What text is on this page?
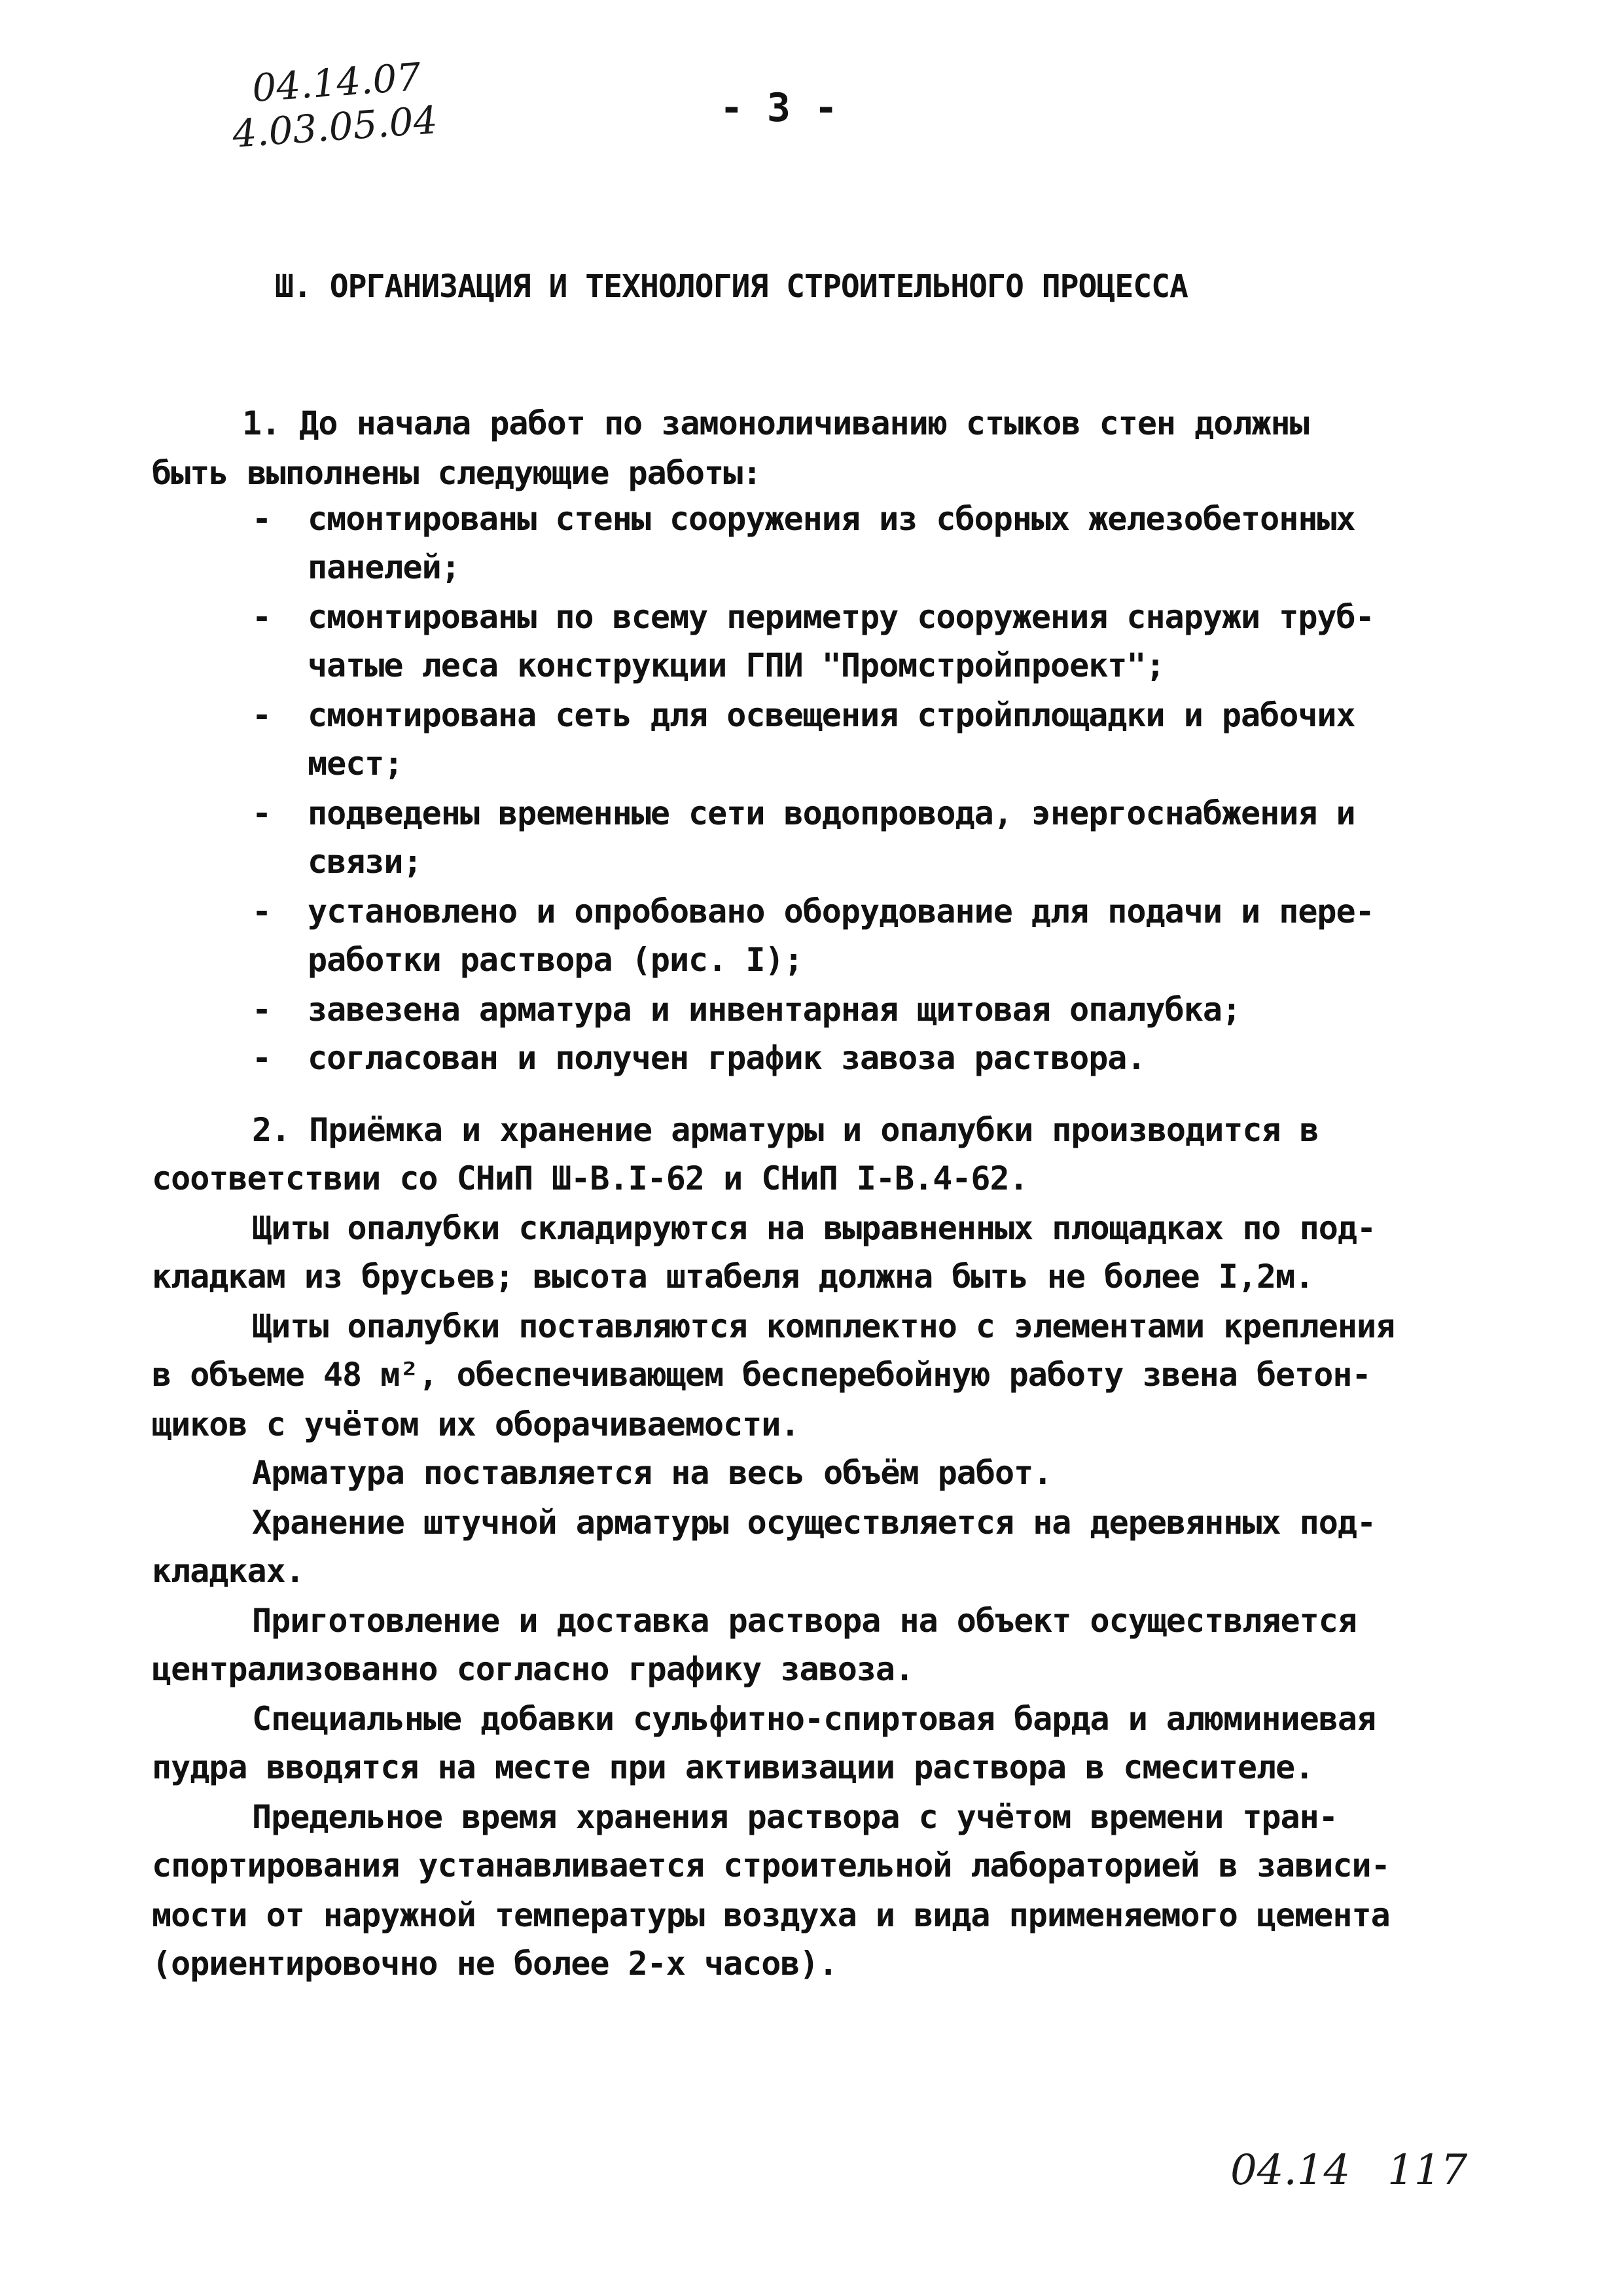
04.14.07
4.03.05.04	- 3 -
Ш. ОРГАНИЗАЦИЯ И ТЕХНОЛОГИЯ СТРОИТЕЛЬНОГО ПРОЦЕССА
1. До начала работ по замоноличиванию стыков стен должны
быть выполнены следующие работы:
- смонтированы стены сооружения из сборных железобетонных
панелей;
- смонтированы по всему периметру сооружения снаружи труб-
чатые леса конструкции ГПИ "Промстройпроект";
- смонтирована сеть для освещения стройплощадки и рабочих
мест;
- подведены временные сети водопровода, энергоснабжения и
связи;
- установлено и опробовано оборудование для подачи и пере-
работки раствора (рис. I);
- завезена арматура и инвентарная щитовая опалубка;
- согласован и получен график завоза раствора.
2. Приёмка и хранение арматуры и опалубки производится в
соответствии со СНиП Ш-В.I-62 и СНиП I-В.4-62.
Щиты опалубки складируются на выравненных площадках по под-
кладкам из брусьев; высота штабеля должна быть не более I,2м.
Щиты опалубки поставляются комплектно с элементами крепления
в объеме 48 м², обеспечивающем бесперебойную работу звена бетон-
щиков с учётом их оборачиваемости.
Арматура поставляется на весь объём работ.
Хранение штучной арматуры осуществляется на деревянных под-
кладках.
Приготовление и доставка раствора на объект осуществляется
централизованно согласно графику завоза.
Специальные добавки сульфитно-спиртовая барда и алюминиевая
пудра вводятся на месте при активизации раствора в смесителе.
Предельное время хранения раствора с учётом времени тран-
спортирования устанавливается строительной лабораторией в зависи-
мости от наружной температуры воздуха и вида применяемого цемента
(ориентировочно не более 2-х часов).
04.14 117
